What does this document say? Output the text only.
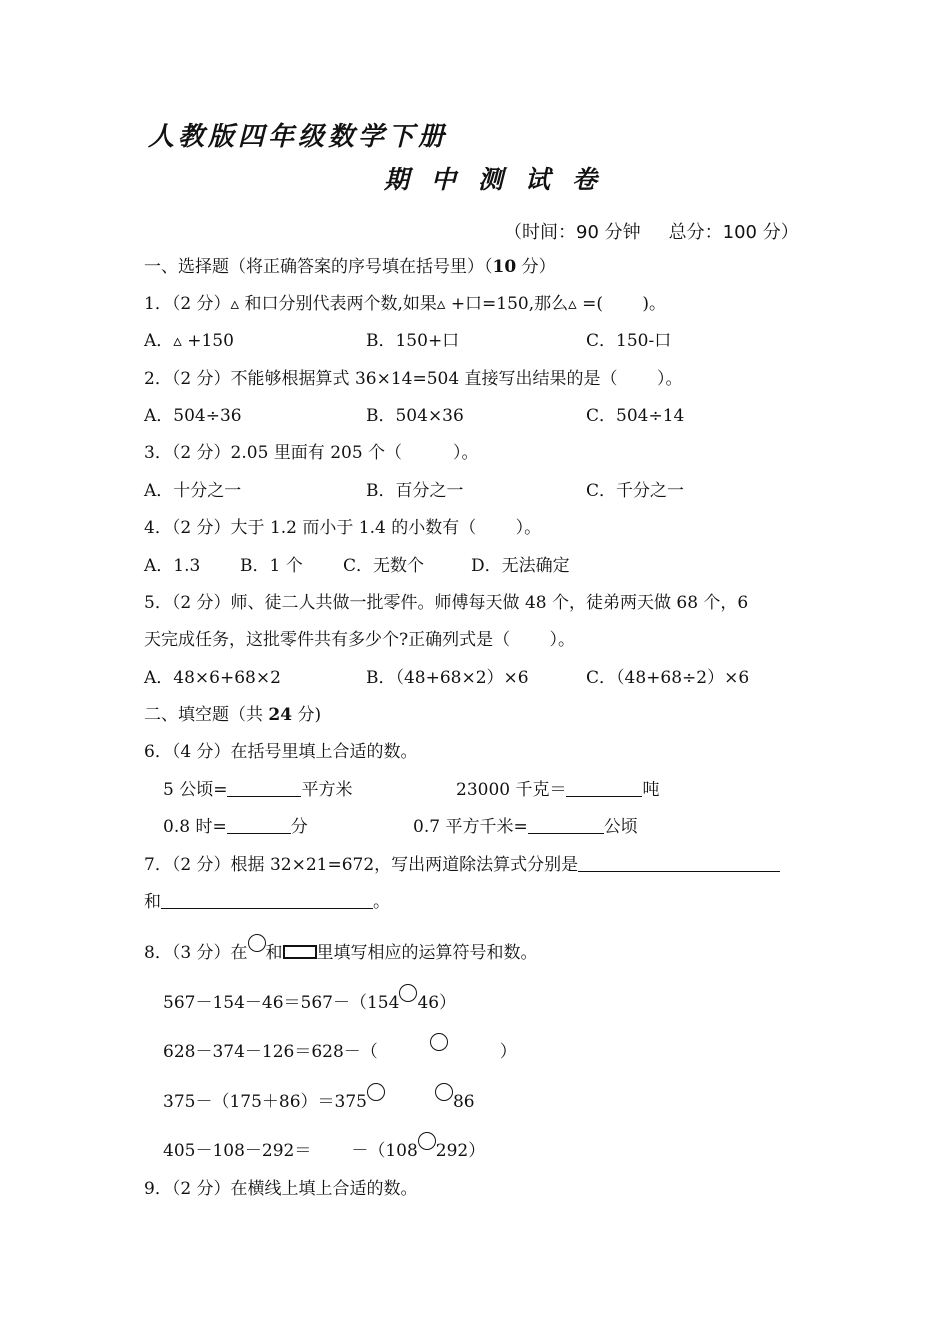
人教版四年级数学下册
期中测试卷
（时间：90 分钟 总分：100 分）
一、选择题（将正确答案的序号填在括号里）（10 分）
1．（2 分）▵ 和口分别代表两个数,如果▵ +口=150,那么▵ =(　　 )。
A．▵ +150	B．150+口	C．150-口
2．（2 分）不能够根据算式 36×14=504 直接写出结果的是（　　 ）。
A．504÷36	B．504×36	C．504÷14
3．（2 分）2.05 里面有 205 个（　　　）。
A．十分之一	B．百分之一	C．千分之一
4．（2 分）大于 1.2 而小于 1.4 的小数有（　　 ）。
A．1.3 B．1 个 C．无数个	D．无法确定
5．（2 分）师、徒二人共做一批零件。师傅每天做 48 个，徒弟两天做 68 个，6
天完成任务，这批零件共有多少个?正确列式是（　　 ）。
A．48×6+68×2	B．（48+68×2）×6	C．（48+68÷2）×6
二、填空题（共 24 分)
6．（4 分）在括号里填上合适的数。
5 公顷=	平方米	23000 千克＝	吨
0.8 时=	分	0.7 平方千米=	公顷
7．（2 分）根据 32×21=672，写出两道除法算式分别是
和	。
8．（3 分）在 和 里填写相应的运算符号和数。
567－154－46＝567－（154 46）
628－374－126＝628－（	）
375－（175＋86）＝375	86
405－108－292＝ －（108 292）
9．（2 分）在横线上填上合适的数。
